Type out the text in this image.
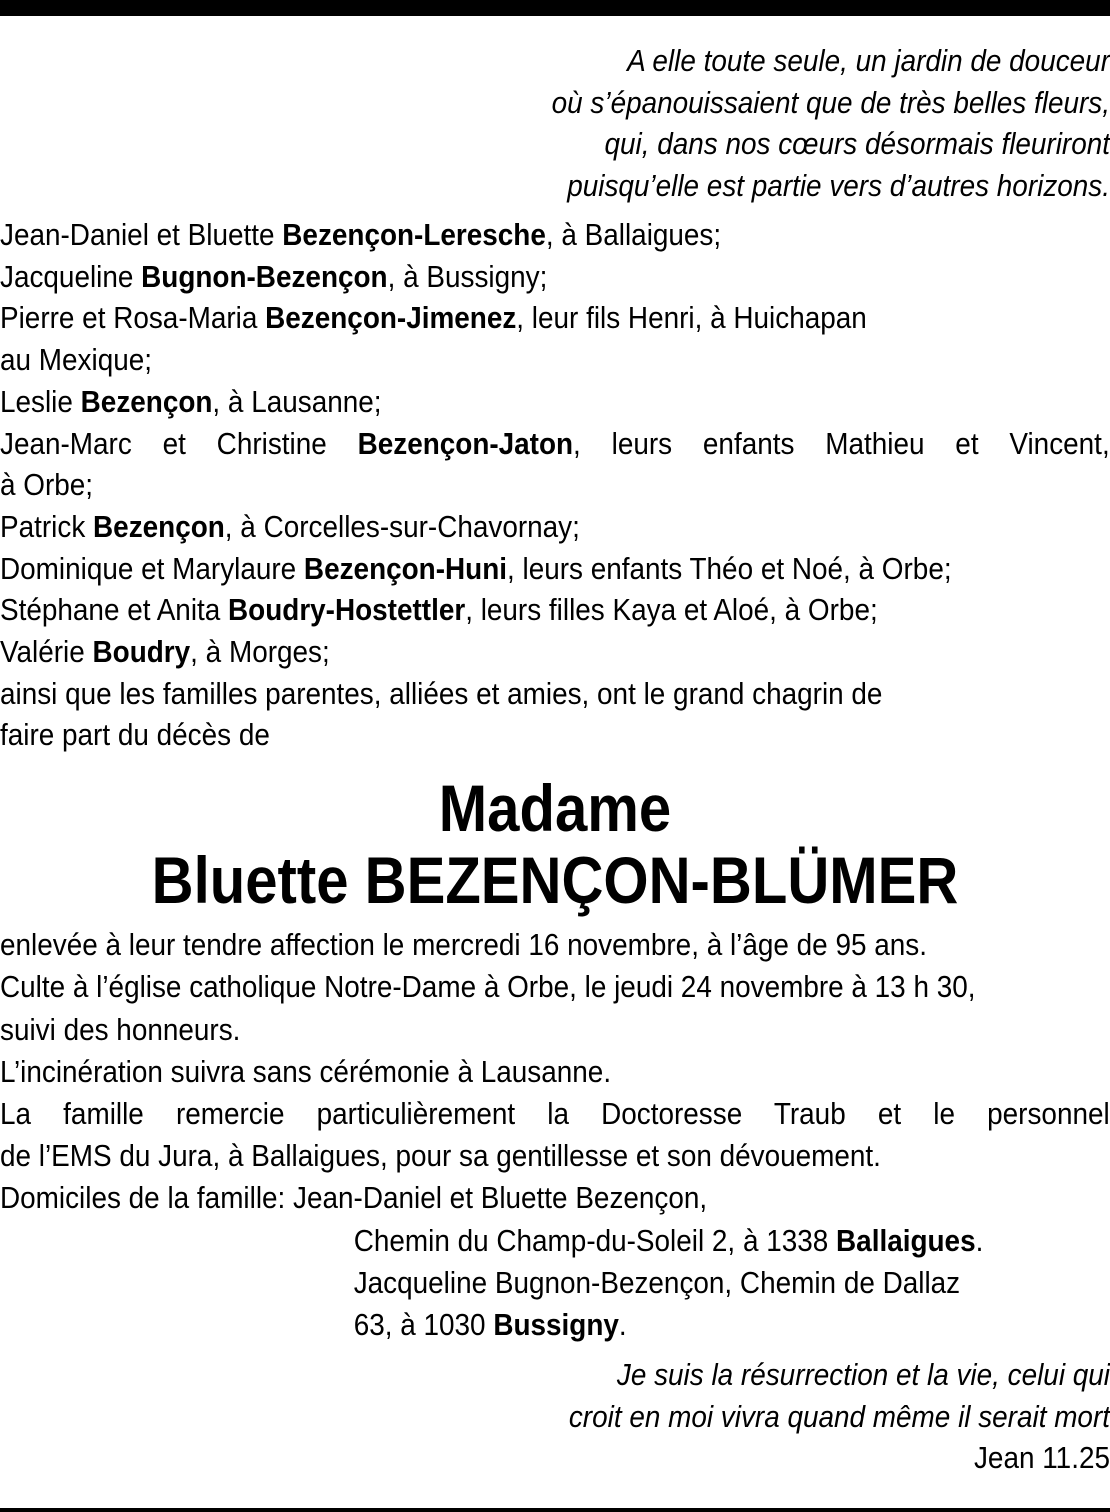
A elle toute seule, un jardin de douceur
où s’épanouissaient que de très belles fleurs,
qui, dans nos cœurs désormais fleuriront
puisqu’elle est partie vers d’autres horizons.
Jean-Daniel et Bluette Bezençon-Leresche, à Ballaigues;
Jacqueline Bugnon-Bezençon, à Bussigny;
Pierre et Rosa-Maria Bezençon-Jimenez, leur fils Henri, à Huichapan
au Mexique;
Leslie Bezençon, à Lausanne;
Jean-Marc et Christine Bezençon-Jaton, leurs enfants Mathieu et Vincent,
à Orbe;
Patrick Bezençon, à Corcelles-sur-Chavornay;
Dominique et Marylaure Bezençon-Huni, leurs enfants Théo et Noé, à Orbe;
Stéphane et Anita Boudry-Hostettler, leurs filles Kaya et Aloé, à Orbe;
Valérie Boudry, à Morges;
ainsi que les familles parentes, alliées et amies, ont le grand chagrin de
faire part du décès de
Madame
Bluette BEZENÇON-BLÜMER
enlevée à leur tendre affection le mercredi 16 novembre, à l’âge de 95 ans.
Culte à l’église catholique Notre-Dame à Orbe, le jeudi 24 novembre à 13 h 30,
suivi des honneurs.
L’incinération suivra sans cérémonie à Lausanne.
La famille remercie particulièrement la Doctoresse Traub et le personnel
de l’EMS du Jura, à Ballaigues, pour sa gentillesse et son dévouement.
Domiciles de la famille: Jean-Daniel et Bluette Bezençon,
Chemin du Champ-du-Soleil 2, à 1338 Ballaigues.
Jacqueline Bugnon-Bezençon, Chemin de Dallaz
63, à 1030 Bussigny.
Je suis la résurrection et la vie, celui qui
croit en moi vivra quand même il serait mort
Jean 11.25
